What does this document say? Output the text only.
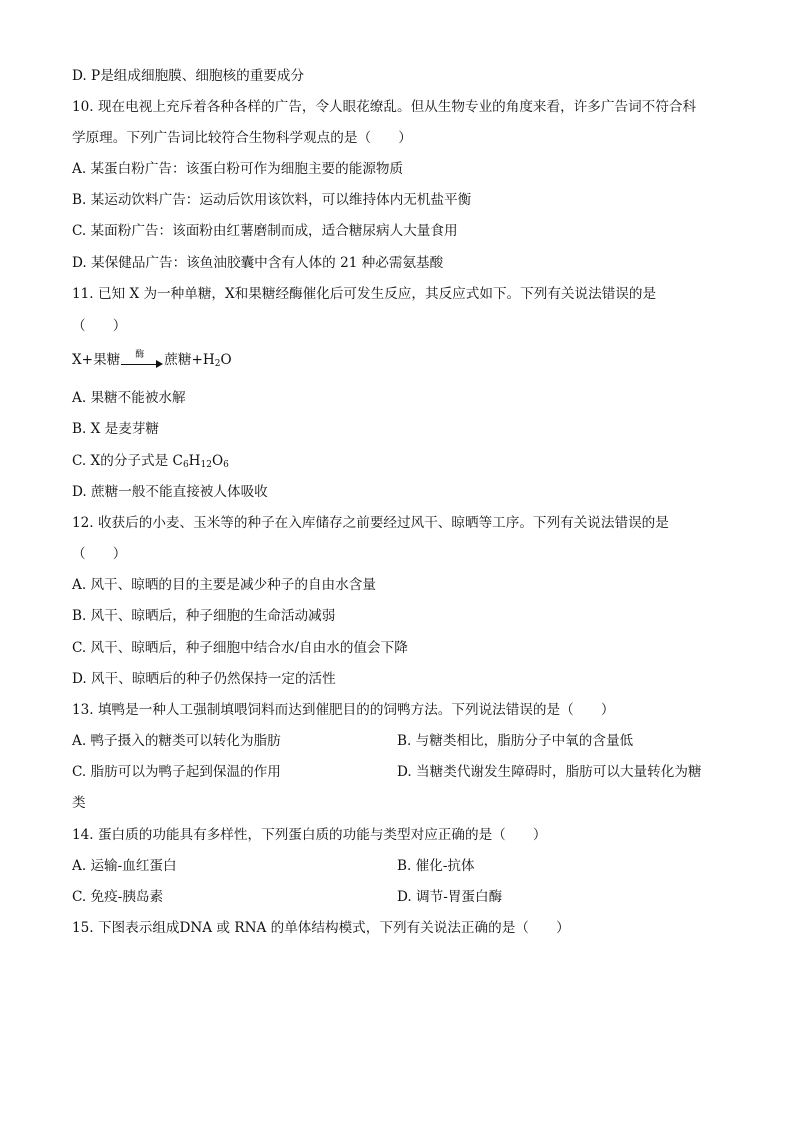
D. P是组成细胞膜、细胞核的重要成分
10. 现在电视上充斥着各种各样的广告，令人眼花缭乱。但从生物专业的角度来看，许多广告词不符合科
学原理。下列广告词比较符合生物科学观点的是（　　）
A. 某蛋白粉广告：该蛋白粉可作为细胞主要的能源物质
B. 某运动饮料广告：运动后饮用该饮料，可以维持体内无机盐平衡
C. 某面粉广告：该面粉由红薯磨制而成，适合糖尿病人大量食用
D. 某保健品广告：该鱼油胶囊中含有人体的 21 种必需氨基酸
11. 已知 X 为一种单糖，X和果糖经酶催化后可发生反应，其反应式如下。下列有关说法错误的是
（　　）
X+果糖 酶 蔗糖$+H_2O$
A. 果糖不能被水解
B. X 是麦芽糖
C. X的分子式是 $C_6H_{12}O_6$
D. 蔗糖一般不能直接被人体吸收
12. 收获后的小麦、玉米等的种子在入库储存之前要经过风干、晾晒等工序。下列有关说法错误的是
（　　）
A. 风干、晾晒的目的主要是减少种子的自由水含量
B. 风干、晾晒后，种子细胞的生命活动减弱
C. 风干、晾晒后，种子细胞中结合水/自由水的值会下降
D. 风干、晾晒后的种子仍然保持一定的活性
13. 填鸭是一种人工强制填喂饲料而达到催肥目的的饲鸭方法。下列说法错误的是（　　）
A. 鸭子摄入的糖类可以转化为脂肪	B. 与糖类相比，脂肪分子中氧的含量低
C. 脂肪可以为鸭子起到保温的作用	D. 当糖类代谢发生障碍时，脂肪可以大量转化为糖
类
14. 蛋白质的功能具有多样性，下列蛋白质的功能与类型对应正确的是（　　）
A. 运输-血红蛋白	B. 催化-抗体
C. 免疫-胰岛素	D. 调节-胃蛋白酶
15. 下图表示组成DNA 或 RNA 的单体结构模式，下列有关说法正确的是（　　）
